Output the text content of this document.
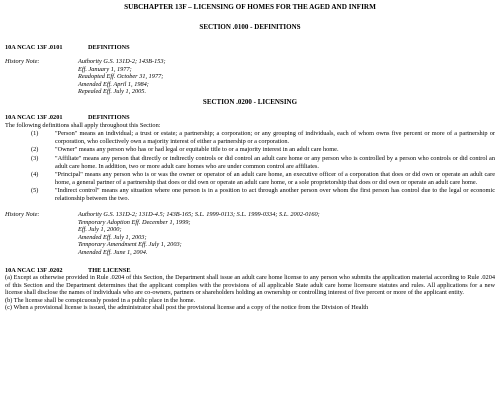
SUBCHAPTER 13F – LICENSING OF HOMES FOR THE AGED AND INFIRM
SECTION .0100 - DEFINITIONS
10A NCAC 13F .0101	DEFINITIONS
History Note:	Authority G.S. 131D-2; 143B-153;
Eff. January 1, 1977;
Readopted Eff. October 31, 1977;
Amended Eff. April 1, 1984;
Repealed Eff. July 1, 2005.
SECTION .0200 - LICENSING
10A NCAC 13F .0201	DEFINITIONS
The following definitions shall apply throughout this Section:
(1)	"Person" means an individual; a trust or estate; a partnership; a corporation; or any grouping of individuals, each of whom owns five percent or more of a partnership or corporation, who collectively own a majority interest of either a partnership or a corporation.
(2)	"Owner" means any person who has or had legal or equitable title to or a majority interest in an adult care home.
(3)	"Affiliate" means any person that directly or indirectly controls or did control an adult care home or any person who is controlled by a person who controls or did control an adult care home. In addition, two or more adult care homes who are under common control are affiliates.
(4)	"Principal" means any person who is or was the owner or operator of an adult care home, an executive officer of a corporation that does or did own or operate an adult care home, a general partner of a partnership that does or did own or operate an adult care home, or a sole proprietorship that does or did own or operate an adult care home.
(5)	"Indirect control" means any situation where one person is in a position to act through another person over whom the first person has control due to the legal or economic relationship between the two.
History Note:	Authority G.S. 131D-2; 131D-4.5; 143B-165; S.L. 1999-0113; S.L. 1999-0334; S.L. 2002-0160;
Temporary Adoption Eff. December 1, 1999;
Eff. July 1, 2000;
Amended Eff. July 1, 2003;
Temporary Amendment Eff. July 1, 2003;
Amended Eff. June 1, 2004.
10A NCAC 13F .0202	THE LICENSE
(a) Except as otherwise provided in Rule .0204 of this Section, the Department shall issue an adult care home license to any person who submits the application material according to Rule .0204 of this Section and the Department determines that the applicant complies with the provisions of all applicable State adult care home licensure statutes and rules. All applications for a new license shall disclose the names of individuals who are co-owners, partners or shareholders holding an ownership or controlling interest of five percent or more of the applicant entity.
(b) The license shall be conspicuously posted in a public place in the home.
(c) When a provisional license is issued, the administrator shall post the provisional license and a copy of the notice from the Division of Health
